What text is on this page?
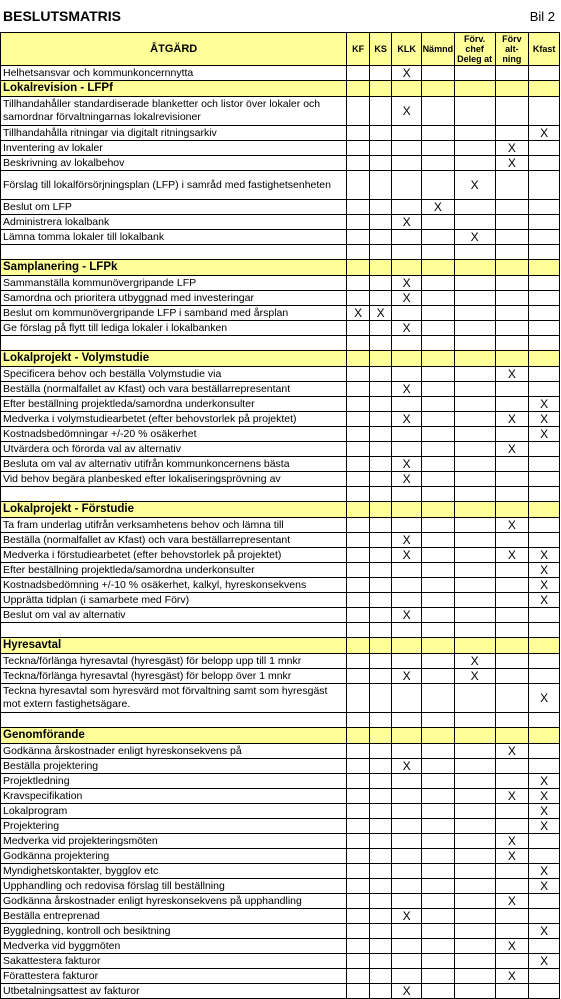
BESLUTSMATRIS	Bil 2
ÅTGÄRD	KF	KS	KLK	Nämnd	Förv. chef Deleg at	Förv alt- ning	Kfast
Helhetsansvar och kommunkoncernnytta			X				
Lokalrevision - LFPf							
Tillhandahåller standardiserade blanketter och listor över lokaler och samordnar förvaltningarnas lokalrevisioner			X				
Tillhandahålla ritningar via digitalt ritningsarkiv							X
Inventering av lokaler						X	
Beskrivning av lokalbehov						X	
Förslag till lokalförsörjningsplan (LFP) i samråd med fastighetsenheten					X		
Beslut om LFP				X			
Administrera lokalbank			X				
Lämna tomma lokaler till lokalbank					X		

Samplanering - LFPk							
Sammanställa kommunövergripande LFP			X				
Samordna och prioritera utbyggnad med investeringar			X				
Beslut om kommunövergripande LFP i samband med årsplan	X	X					
Ge förslag på flytt till lediga lokaler i lokalbanken			X				

Lokalprojekt - Volymstudie							
Specificera behov och beställa Volymstudie via						X	
Beställa (normalfallet av Kfast) och vara beställarrepresentant			X				
Efter beställning projektleda/samordna underkonsulter							X
Medverka i volymstudiearbetet (efter behovstorlek på projektet)			X			X	X
Kostnadsbedömningar +/-20 % osäkerhet							X
Utvärdera och förorda val av alternativ						X	
Besluta om val av alternativ utifrån kommunkoncernens bästa			X				
Vid behov begära planbesked efter lokaliseringsprövning av			X				

Lokalprojekt - Förstudie							
Ta fram underlag utifrån verksamhetens behov och lämna till						X	
Beställa (normalfallet av Kfast) och vara beställarrepresentant			X				
Medverka i förstudiearbetet (efter behovstorlek på projektet)			X			X	X
Efter beställning projektleda/samordna underkonsulter							X
Kostnadsbedömning +/-10 % osäkerhet, kalkyl, hyreskonsekvens							X
Upprätta tidplan (i samarbete med Förv)							X
Beslut om val av alternativ			X				

Hyresavtal							
Teckna/förlänga hyresavtal (hyresgäst) för belopp upp till 1 mnkr					X		
Teckna/förlänga hyresavtal (hyresgäst) för belopp över 1 mnkr			X		X		
Teckna hyresavtal som hyresvärd mot förvaltning samt som hyresgäst mot extern fastighetsägare.							X

Genomförande							
Godkänna årskostnader enligt hyreskonsekvens på						X	
Beställa projektering			X				
Projektledning							X
Kravspecifikation						X	X
Lokalprogram							X
Projektering							X
Medverka vid projekteringsmöten						X	
Godkänna projektering						X	
Myndighetskontakter, bygglov etc							X
Upphandling och redovisa förslag till beställning							X
Godkänna årskostnader enligt hyreskonsekvens på upphandling						X	
Beställa entreprenad			X				
Byggledning, kontroll och besiktning							X
Medverka vid byggmöten						X	
Sakattestera fakturor							X
Förattestera fakturor						X	
Utbetalningsattest av fakturor			X				
